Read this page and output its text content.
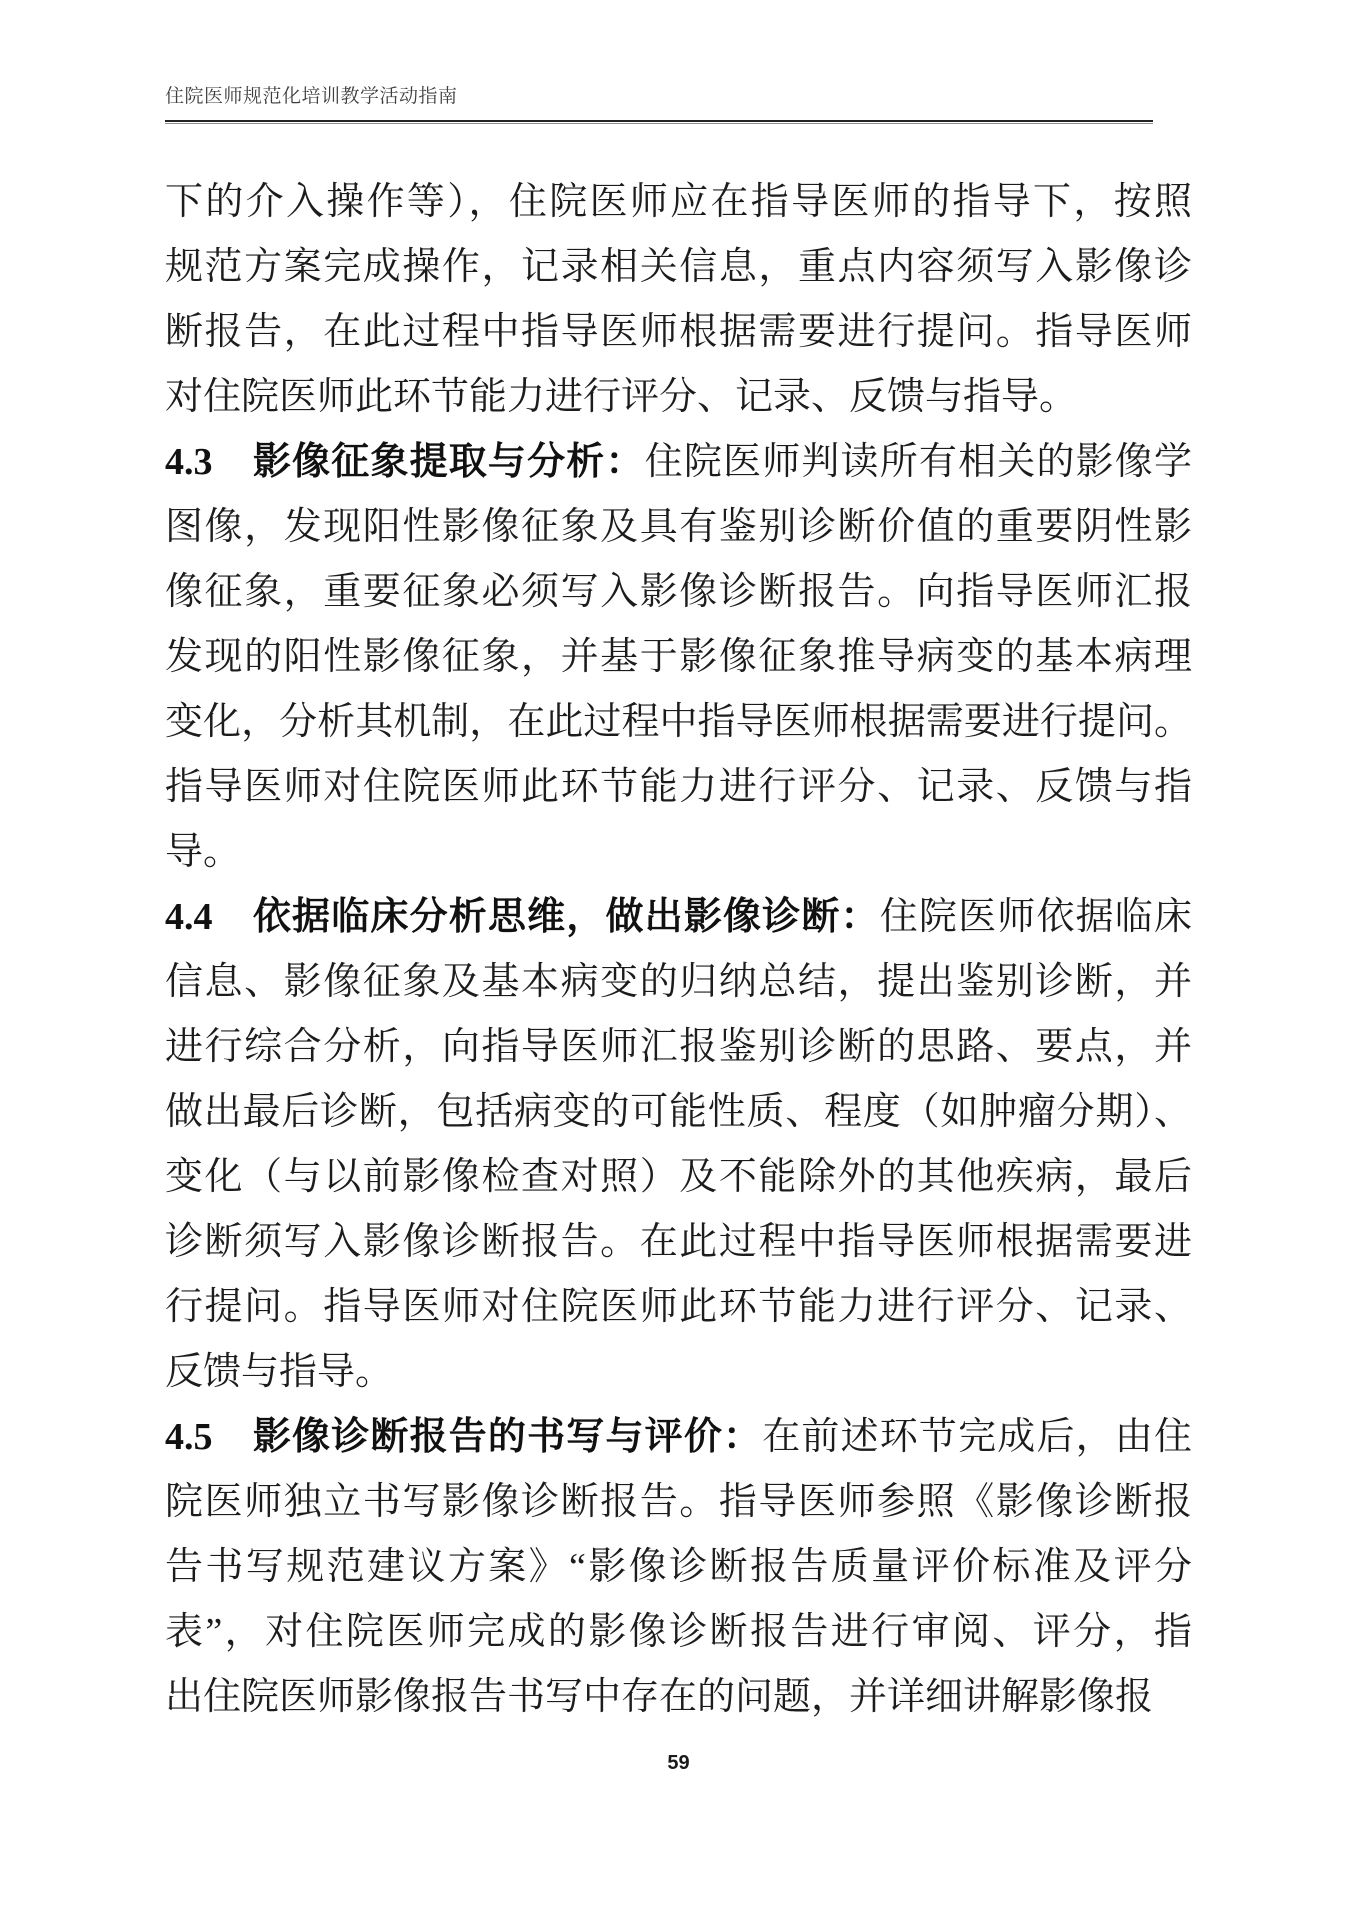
住院医师规范化培训教学活动指南
下的介入操作等），住院医师应在指导医师的指导下，按照
规范方案完成操作，记录相关信息，重点内容须写入影像诊
断报告，在此过程中指导医师根据需要进行提问。指导医师
对住院医师此环节能力进行评分、记录、反馈与指导。
4.3　影像征象提取与分析：住院医师判读所有相关的影像学
图像，发现阳性影像征象及具有鉴别诊断价值的重要阴性影
像征象，重要征象必须写入影像诊断报告。向指导医师汇报
发现的阳性影像征象，并基于影像征象推导病变的基本病理
变化，分析其机制，在此过程中指导医师根据需要进行提问。
指导医师对住院医师此环节能力进行评分、记录、反馈与指
导。
4.4　依据临床分析思维，做出影像诊断：住院医师依据临床
信息、影像征象及基本病变的归纳总结，提出鉴别诊断，并
进行综合分析，向指导医师汇报鉴别诊断的思路、要点，并
做出最后诊断，包括病变的可能性质、程度（如肿瘤分期）、
变化（与以前影像检查对照）及不能除外的其他疾病，最后
诊断须写入影像诊断报告。在此过程中指导医师根据需要进
行提问。指导医师对住院医师此环节能力进行评分、记录、
反馈与指导。
4.5　影像诊断报告的书写与评价：在前述环节完成后，由住
院医师独立书写影像诊断报告。指导医师参照《影像诊断报
告书写规范建议方案》“影像诊断报告质量评价标准及评分
表”，对住院医师完成的影像诊断报告进行审阅、评分，指
出住院医师影像报告书写中存在的问题，并详细讲解影像报
59
